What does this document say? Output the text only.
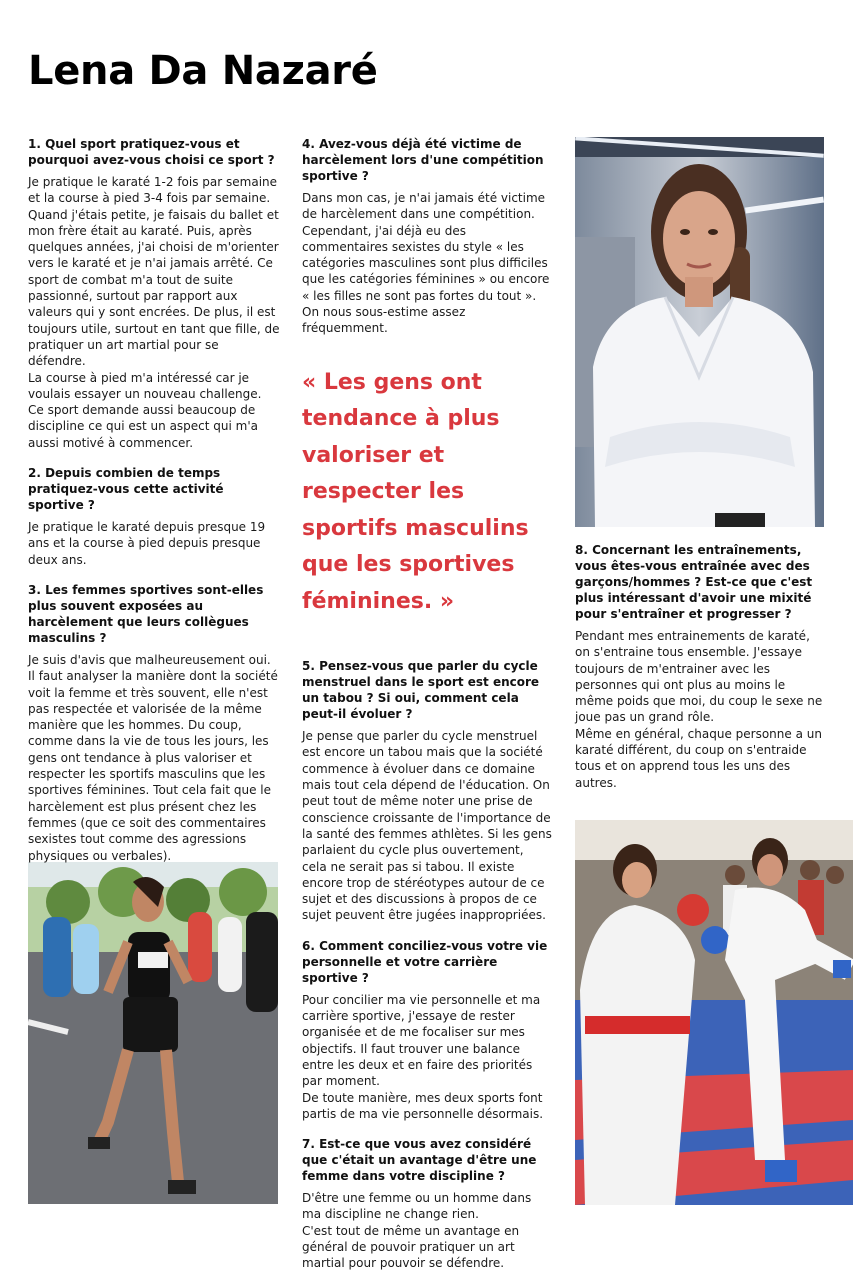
Lena Da Nazaré
1. Quel sport pratiquez-vous et pourquoi avez-vous choisi ce sport ?

Je pratique le karaté 1-2 fois par semaine et la course à pied 3-4 fois par semaine.

Quand j'étais petite, je faisais du ballet et mon frère était au karaté. Puis, après quelques années, j'ai choisi de m'orienter vers le karaté et je n'ai jamais arrêté. Ce sport de combat m'a tout de suite passionné, surtout par rapport aux valeurs qui y sont encrées. De plus, il est toujours utile, surtout en tant que fille, de pratiquer un art martial pour se défendre.

La course à pied m'a intéressé car je voulais essayer un nouveau challenge. Ce sport demande aussi beaucoup de discipline ce qui est un aspect qui m'a aussi motivé à commencer.

2. Depuis combien de temps pratiquez-vous cette activité sportive ?

Je pratique le karaté depuis presque 19 ans et la course à pied depuis presque deux ans.

3. Les femmes sportives sont-elles plus souvent exposées au harcèlement que leurs collègues masculins ?

Je suis d'avis que malheureusement oui. Il faut analyser la manière dont la société voit la femme et très souvent, elle n'est pas respectée et valorisée de la même manière que les hommes. Du coup, comme dans la vie de tous les jours, les gens ont tendance à plus valoriser et respecter les sportifs masculins que les sportives féminines. Tout cela fait que le harcèlement est plus présent chez les femmes (que ce soit des commentaires sexistes tout comme des agressions physiques ou verbales).

4. Avez-vous déjà été victime de harcèlement lors d'une compétition sportive ?

Dans mon cas, je n'ai jamais été victime de harcèlement dans une compétition. Cependant, j'ai déjà eu des commentaires sexistes du style « les catégories masculines sont plus difficiles que les catégories féminines » ou encore « les filles ne sont pas fortes du tout ». On nous sous-estime assez fréquemment.

« Les gens ont tendance à plus valoriser et respecter les sportifs masculins que les sportives féminines. »
5. Pensez-vous que parler du cycle menstruel dans le sport est encore un tabou ? Si oui, comment cela peut-il évoluer ?

Je pense que parler du cycle menstruel est encore un tabou mais que la société commence à évoluer dans ce domaine mais tout cela dépend de l'éducation. On peut tout de même noter une prise de conscience croissante de l'importance de la santé des femmes athlètes. Si les gens parlaient du cycle plus ouvertement, cela ne serait pas si tabou. Il existe encore trop de stéréotypes autour de ce sujet et des discussions à propos de ce sujet peuvent être jugées inappropriées.

6. Comment conciliez-vous votre vie personnelle et votre carrière sportive ?

Pour concilier ma vie personnelle et ma carrière sportive, j'essaye de rester organisée et de me focaliser sur mes objectifs. Il faut trouver une balance entre les deux et en faire des priorités par moment.

De toute manière, mes deux sports font partis de ma vie personnelle désormais.

7. Est-ce que vous avez considéré que c'était un avantage d'être une femme dans votre discipline ?

D'être une femme ou un homme dans ma discipline ne change rien.

C'est tout de même un avantage en général de pouvoir pratiquer un art martial pour pouvoir se défendre.

8. Concernant les entraînements, vous êtes-vous entraînée avec des garçons/hommes ? Est-ce que c'est plus intéressant d'avoir une mixité pour s'entraîner et progresser ?

Pendant mes entrainements de karaté, on s'entraine tous ensemble. J'essaye toujours de m'entrainer avec les personnes qui ont plus au moins le même poids que moi, du coup le sexe ne joue pas un grand rôle.

Même en général, chaque personne a un karaté différent, du coup on s'entraide tous et on apprend tous les uns des autres.
